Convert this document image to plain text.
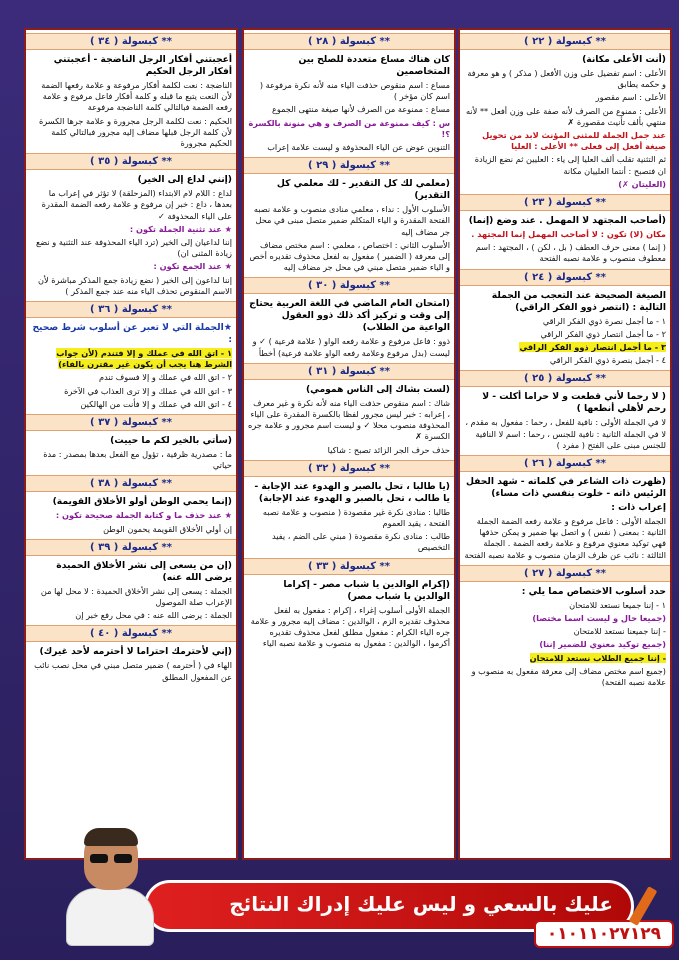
** كبسولة ( ٢٢ )
(أنت الأعلى مكانة)
الأعلى : اسم تفضيل على وزن الأفعل ( مذكر ) و هو معرفة و حكمه يطابق
الأعلى : اسم مقصور
الأعلى : ممنوع من الصرف لأنه صفة على وزن أفعل ** لأنه منتهي بألف تأنيث مقصورة ✗
عند جمل الجملة للمثنى المؤنث لابد من تحويل صيغة أفعل إلى فعلى ** الأعلى : العليا
ثم التثنية تقلب ألف العليا إلى ياء : العليين ثم نضع الزيادة ان فتصبح : أنتما العلييان مكانة
(العليتان ✗)
** كبسولة ( ٢٣ )
(أصاحب المجتهد لا المهمل . عند وضع (إنما)
مكان (لا) تكون : لا أصاحب المهمل إنما المجتهد .
( إنما ) معنى حرف العطف ( بل ، لكن ) ، المجتهد : اسم معطوف منصوب و علامة نصبه الفتحة
** كبسولة ( ٢٤ )
الصيغة الصحيحة عند التعجب من الجملة التالية : (انتصر ذوو الفكر الراقي)
١ - ما أجمل نصرة ذوي الفكر الراقي
٢ - ما أجمل انتصار ذوي الفكر الراقي
٣ - ما أجمل انتصار ذوو الفكر الراقي
٤ - أجمل بنصرة ذوي الفكر الراقي
** كبسولة ( ٢٥ )
( لا رحما لأني قطعت و لا حراما أكلت - لا رحم لأهلي أنطعها )
لا في الجملة الأولى : نافية للفعل ، رحما : مفعول به مقدم ، لا في الجملة الثانية : نافية للجنس ، رحما : اسم لا النافية للجنس مبنى على الفتح ( مفرد )
** كبسولة ( ٢٦ )
(ظهرت ذات الشاعر في كلماته - شهد الحفل الرئيس ذاته - خلوت بنفسي ذات مساء)
إعراب ذات :
الجملة الأولى : فاعل مرفوع و علامة رفعه الضمة الجملة الثانية : بمعنى ( نفس ) و اتصل بها ضمير و يمكن حذفها فهي توكيد معنوي مرفوع و علامة رفعه الضمة . الجملة الثالثة : نائب عن ظرف الزمان منصوب و علامة نصبه الفتحة
** كبسولة ( ٢٧ )
حدد أسلوب الاختصاص مما يلي :
١ - إننا جميعا نستعد للامتحان
(جميعا حال و ليست اسما مختصا)
- إننا جميعنا نستعد للامتحان
(جميع توكيد معنوي للضمير إننا)
- إننا جميع الطلاب نستعد للامتحان
(جميع اسم مختص مضاف إلى معرفة مفعول به منصوب و علامة نصبه الفتحة)
** كبسولة ( ٢٨ )
كان هناك مساع متعددة للصلح بين المتخاصمين
مساع : اسم منقوص حذفت الياء منه لأنه نكرة مرفوعة ( اسم كان مؤخر )
مساع : ممنوعة من الصرف لأنها صيغة منتهى الجموع
س : كيف ممنوعة من الصرف و هي منونة بالكسرة ؟!
التنوين عوض عن الياء المحذوفة و ليست علامة إعراب
** كبسولة ( ٢٩ )
(معلمي لك كل التقدير - لك معلمي كل التقدير)
الأسلوب الأول : نداء ، معلمي منادى منصوب و علامة نصبه الفتحة المقدرة و الياء المتكلم ضمير متصل مبنى في محل جر مضاف إليه
الأسلوب الثاني : اختصاص ، معلمي : اسم مختص مضاف إلى معرفة ( الضمير ) مفعول به لفعل محذوف تقديره أخص و الياء ضمير متصل مبني في محل جر مضاف إليه
** كبسولة ( ٣٠ )
(امتحان العام الماضي في اللغة العربية يحتاج إلى وقت و تركيز أكد ذلك ذوو العقول الواعية من الطلاب)
ذوو : فاعل مرفوع و علامة رفعه الواو ( علامة فرعية ) ✓ و ليست (بدل مرفوع وعلامة رفعه الواو علامة فرعية) أخطأ
** كبسولة ( ٣١ )
(لست بشاك إلى الناس همومي)
شاك : اسم منقوص حذفت الياء منه لأنه نكرة و غير معرف ، إعرابه : خبر ليس مجرور لفظا بالكسرة المقدرة على الياء المحذوفة منصوب محلا ✓ و ليست اسم مجرور و علامة جره الكسرة ✗
حذف حرف الجر الزائد تصبح : شاكيا
** كبسولة ( ٣٢ )
(يا طالبا ، تحل بالصبر و الهدوء عند الإجابة - يا طالب ، تحل بالصبر و الهدوء عند الإجابة)
طالبا : منادى نكرة غير مقصودة ( منصوب و علامة نصبه الفتحة ، يقيد العموم
طالب : منادى نكرة مقصودة ( مبني على الضم ، يفيد التخصيص
** كبسولة ( ٣٣ )
(إكرام الوالدين يا شباب مصر - إكراما الوالدين يا شباب مصر)
الجملة الأولى أسلوب إغراء ، إكرام : مفعول به لفعل محذوف تقديره الزم ، الوالدين : مضاف إليه مجرور و علامة جره الياء الكرام : مفعول مطلق لفعل محذوف تقديره أكرموا ، الوالدين : مفعول به منصوب و علامة نصبه الياء
** كبسولة ( ٣٤ )
أعجبتني أفكار الرجل الناضجة - أعجبتني أفكار الرجل الحكيم
الناضجة : نعت لكلمة أفكار مرفوعة و علامة رفعها الضمة لأن النعت يتبع ما قبله و كلمة أفكار فاعل مرفوع و علامة رفعه الضمة فبالتالي كلمة الناضجة مرفوعة
الحكيم : نعت لكلمة الرجل مجرورة و علامة جرها الكسرة لأن كلمة الرجل قبلها مضاف إليه مجرور فبالتالي كلمة الحكيم مجرورة
** كبسولة ( ٣٥ )
(إنني لداع إلى الخير)
لداع : اللام لام الابتداء (المزحلقة) لا تؤثر في إعراب ما بعدها ، داع : خبر إن مرفوع و علامة رفعه الضمة المقدرة على الياء المحذوفة ✓
★ عند تثنية الجملة تكون :
إننا لداعيان إلى الخير (ترد الياء المحذوفة عند التثنية و نضع زيادة المثنى ان)
★ عند الجمع تكون :
إننا لداعون إلى الخير ( نضع زيادة جمع المذكر مباشرة لأن الاسم المنقوص تحذف الياء منه عند جمع المذكر )
** كبسولة ( ٣٦ )
★الجملة التي لا تعبر عن أسلوب شرط صحيح :
١ - اتق الله في عملك و إلا فتندم (لأن جواب الشرط هنا يجب أن يكون غير مقترن بالفاء)
٢ - اتق الله في عملك و إلا فسوف تندم
٣ - اتق الله في عملك و إلا ترى العذاب في الآخرة
٤ - اتق الله في عملك و إلا فأنت من الهالكين
** كبسولة ( ٣٧ )
(سأتي بالخير لكم ما حييت)
ما : مصدرية ظرفية ، تؤول مع الفعل بعدها بمصدر : مدة حياتي
** كبسولة ( ٣٨ )
(إنما يحمي الوطن أولو الأخلاق القويمة)
★ عند حذف ما و كتابة الجملة صحيحة تكون :
إن أولي الأخلاق القويمة يحمون الوطن
** كبسولة ( ٣٩ )
(إن من يسعى إلى نشر الأخلاق الحميدة يرضى الله عنه)
الجملة : يسعى إلى نشر الأخلاق الحميدة : لا محل لها من الإعراب صلة الموصول
الجملة : يرضى الله عنه : في محل رفع خبر إن
** كبسولة ( ٤٠ )
(إني لأحترمك احتراما لا أحترمه لأحد غيرك)
الهاء في ( أحترمه ) ضمير متصل مبني في محل نصب نائب عن المفعول المطلق
عليك بالسعي و ليس عليك إدراك النتائج
٠١٠١١٠٢٧١٢٩
